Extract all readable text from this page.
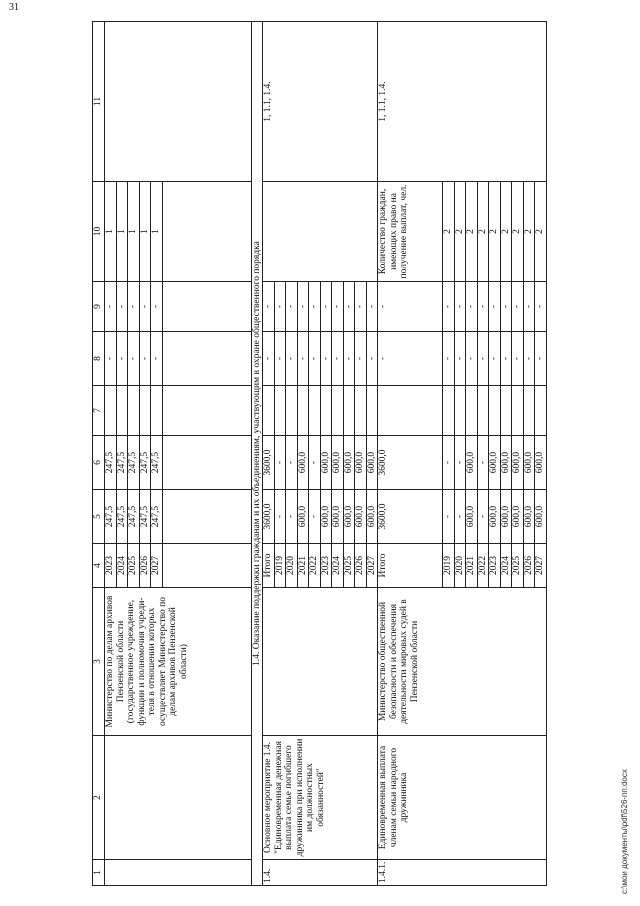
31
1	2	3	4	5	6	7	8	9	10	11
		Министерство по делам архивов Пензенской области (государственное учреждение, функции и полномочия учреди-теля в отношении которых осуществляет Министерство по делам архивов Пензенской области)	2023	247,5	247,5		-	-	1	
			2024	247,5	247,5		-	-	1	
			2025	247,5	247,5		-	-	1	
			2026	247,5	247,5		-	-	1	
			2027	247,5	247,5		-	-	1	

1.4. Оказание поддержки гражданам и их объединениям, участвующим в охране общественного порядка										
1.4.	Основное мероприятие 1.4. "Единовременная денежная выплата семье погибшего дружинника при исполнении им должностных обязанностей"		Итого	3600,0	3600,0		-	-		1, 1.1, 1.4.
			2019	-	-		-	-		
			2020	-	-		-	-		
			2021	600,0	600,0		-	-		
			2022	-	-		-	-		
			2023	600,0	600,0		-	-		
			2024	600,0	600,0		-	-		
			2025	600,0	600,0		-	-		
			2026	600,0	600,0		-	-		
			2027	600,0	600,0		-	-		
1.4.1.	Единовременная выплата членам семьи народного дружинника	Министерство общественной безопасности и обеспечения деятельности мировых судей в Пензенской области	Итого	3600,0	3600,0		-	-	Количество граждан, имеющих право на получение выплат, чел.	1, 1.1, 1.4.
			2019	-	-		-	-	2	
			2020	-	-		-	-	2	
			2021	600,0	600,0		-	-	2	
			2022	-	-		-	-	2	
			2023	600,0	600,0		-	-	2	
			2024	600,0	600,0		-	-	2	
			2025	600,0	600,0		-	-	2	
			2026	600,0	600,0		-	-	2	
			2027	600,0	600,0		-	-	2	
c:\мои документы\pdf\526-пп.docx
